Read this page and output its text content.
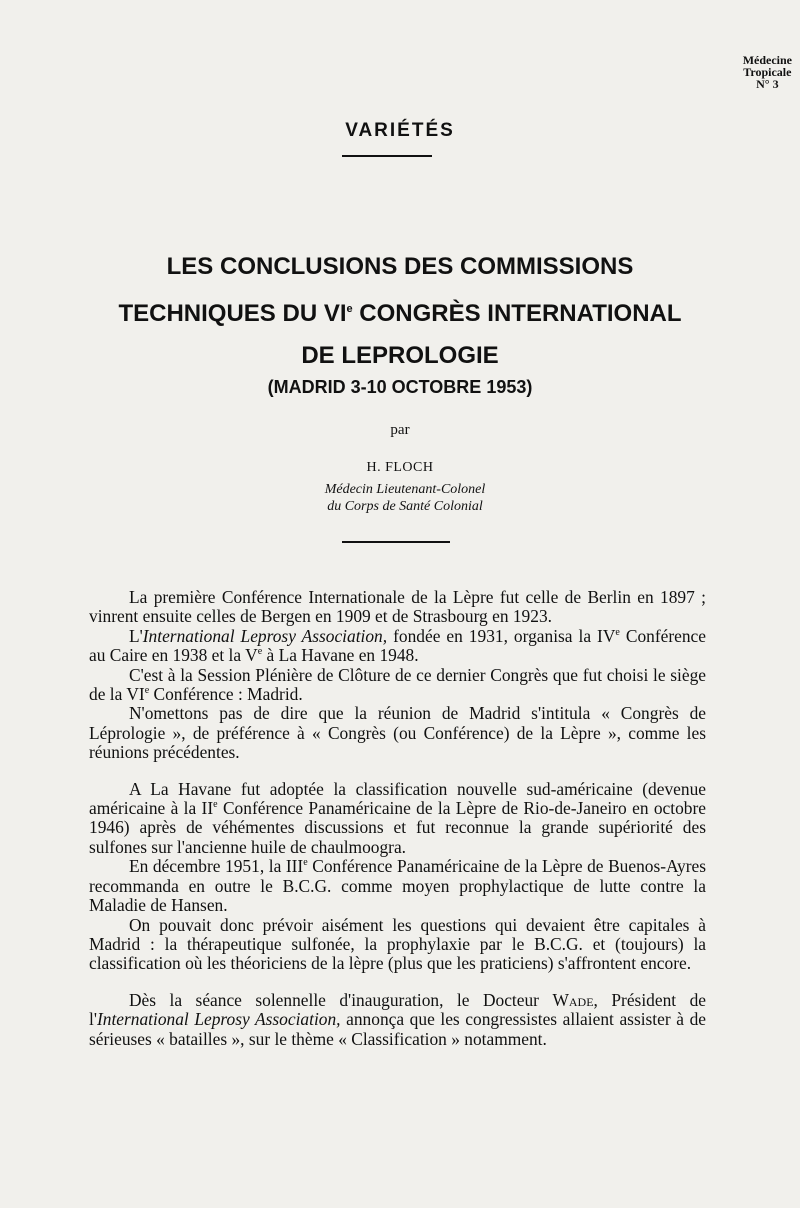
Médecine
Tropicale
N° 3
VARIÉTÉS
LES CONCLUSIONS DES COMMISSIONS
TECHNIQUES DU VIe CONGRÈS INTERNATIONAL
DE LEPROLOGIE
(MADRID 3-10 OCTOBRE 1953)
par
H. FLOCH
Médecin Lieutenant-Colonel
du Corps de Santé Colonial

La première Conférence Internationale de la Lèpre fut celle de Berlin en 1897 ; vinrent ensuite celles de Bergen en 1909 et de Strasbourg en 1923.

L'International Leprosy Association, fondée en 1931, organisa la IVe Conférence au Caire en 1938 et la Ve à La Havane en 1948.

C'est à la Session Plénière de Clôture de ce dernier Congrès que fut choisi le siège de la VIe Conférence : Madrid.

N'omettons pas de dire que la réunion de Madrid s'intitula « Congrès de Léprologie », de préférence à « Congrès (ou Conférence) de la Lèpre », comme les réunions précédentes.

A La Havane fut adoptée la classification nouvelle sud-américaine (devenue américaine à la IIe Conférence Panaméricaine de la Lèpre de Rio-de-Janeiro en octobre 1946) après de véhémentes discussions et fut reconnue la grande supériorité des sulfones sur l'ancienne huile de chaulmoogra.

En décembre 1951, la IIIe Conférence Panaméricaine de la Lèpre de Buenos-Ayres recommanda en outre le B.C.G. comme moyen prophylactique de lutte contre la Maladie de Hansen.

On pouvait donc prévoir aisément les questions qui devaient être capitales à Madrid : la thérapeutique sulfonée, la prophylaxie par le B.C.G. et (toujours) la classification où les théoriciens de la lèpre (plus que les praticiens) s'affrontent encore.

Dès la séance solennelle d'inauguration, le Docteur Wade, Président de l'International Leprosy Association, annonça que les congressistes allaient assister à de sérieuses « batailles », sur le thème « Classification » notamment.
